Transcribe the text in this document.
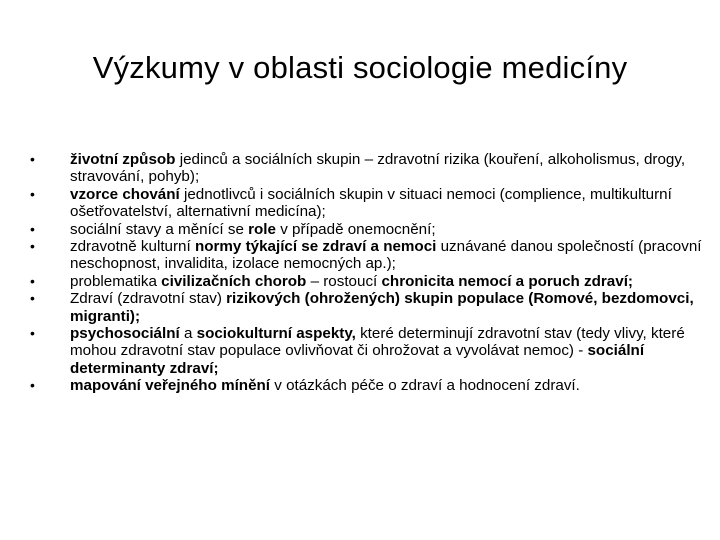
Výzkumy v oblasti sociologie medicíny
•	životní způsob jedinců a sociálních skupin – zdravotní rizika (kouření, alkoholismus, drogy, stravování, pohyb);
•	vzorce chování jednotlivců i sociálních skupin v situaci nemoci (complience, multikulturní ošetřovatelství, alternativní medicína);
•	sociální stavy a měnící se role v případě onemocnění;
•	zdravotně kulturní normy týkající se zdraví a nemoci uznávané danou společností (pracovní neschopnost, invalidita, izolace nemocných ap.);
•	problematika civilizačních chorob – rostoucí chronicita nemocí a poruch zdraví;
•	Zdraví (zdravotní stav) rizikových (ohrožených) skupin populace (Romové, bezdomovci, migranti);
•	psychosociální a sociokulturní aspekty, které determinují zdravotní stav (tedy vlivy, které mohou zdravotní stav populace ovlivňovat či ohrožovat a vyvolávat nemoc) - sociální determinanty zdraví;
•	mapování veřejného mínění v otázkách péče o zdraví a hodnocení zdraví.
